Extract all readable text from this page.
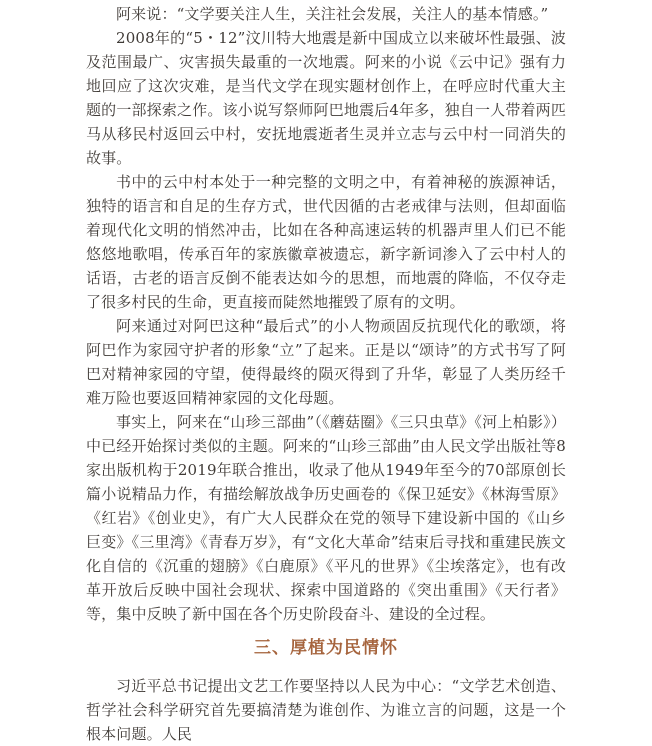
阿来说：“文学要关注人生，关注社会发展，关注人的基本情感。”

2008年的“5・12”汶川特大地震是新中国成立以来破坏性最强、波及范围最广、灾害损失最重的一次地震。阿来的小说《云中记》强有力地回应了这次灾难，是当代文学在现实题材创作上，在呼应时代重大主题的一部探索之作。该小说写祭师阿巴地震后4年多，独自一人带着两匹马从移民村返回云中村，安抚地震逝者生灵并立志与云中村一同消失的故事。

书中的云中村本处于一种完整的文明之中，有着神秘的族源神话，独特的语言和自足的生存方式，世代因循的古老戒律与法则，但却面临着现代化文明的悄然冲击，比如在各种高速运转的机器声里人们已不能悠悠地歌唱，传承百年的家族徽章被遗忘，新字新词渗入了云中村人的话语，古老的语言反倒不能表达如今的思想，而地震的降临，不仅夺走了很多村民的生命，更直接而陡然地摧毁了原有的文明。

阿来通过对阿巴这种“最后式”的小人物顽固反抗现代化的歌颂，将阿巴作为家园守护者的形象“立”了起来。正是以“颂诗”的方式书写了阿巴对精神家园的守望，使得最终的陨灭得到了升华，彰显了人类历经千难万险也要返回精神家园的文化母题。

事实上，阿来在“山珍三部曲”（《蘑菇圈》《三只虫草》《河上柏影》）中已经开始探讨类似的主题。阿来的“山珍三部曲”由人民文学出版社等8家出版机构于2019年联合推出，收录了他从1949年至今的70部原创长篇小说精品力作，有描绘解放战争历史画卷的《保卫延安》《林海雪原》《红岩》《创业史》，有广大人民群众在党的领导下建设新中国的《山乡巨变》《三里湾》《青春万岁》，有“文化大革命”结束后寻找和重建民族文化自信的《沉重的翅膀》《白鹿原》《平凡的世界》《尘埃落定》，也有改革开放后反映中国社会现状、探索中国道路的《突出重围》《天行者》等，集中反映了新中国在各个历史阶段奋斗、建设的全过程。

三、厚植为民情怀

习近平总书记提出文艺工作要坚持以人民为中心：“文学艺术创造、哲学社会科学研究首先要搞清楚为谁创作、为谁立言的问题，这是一个根本问题。人民
